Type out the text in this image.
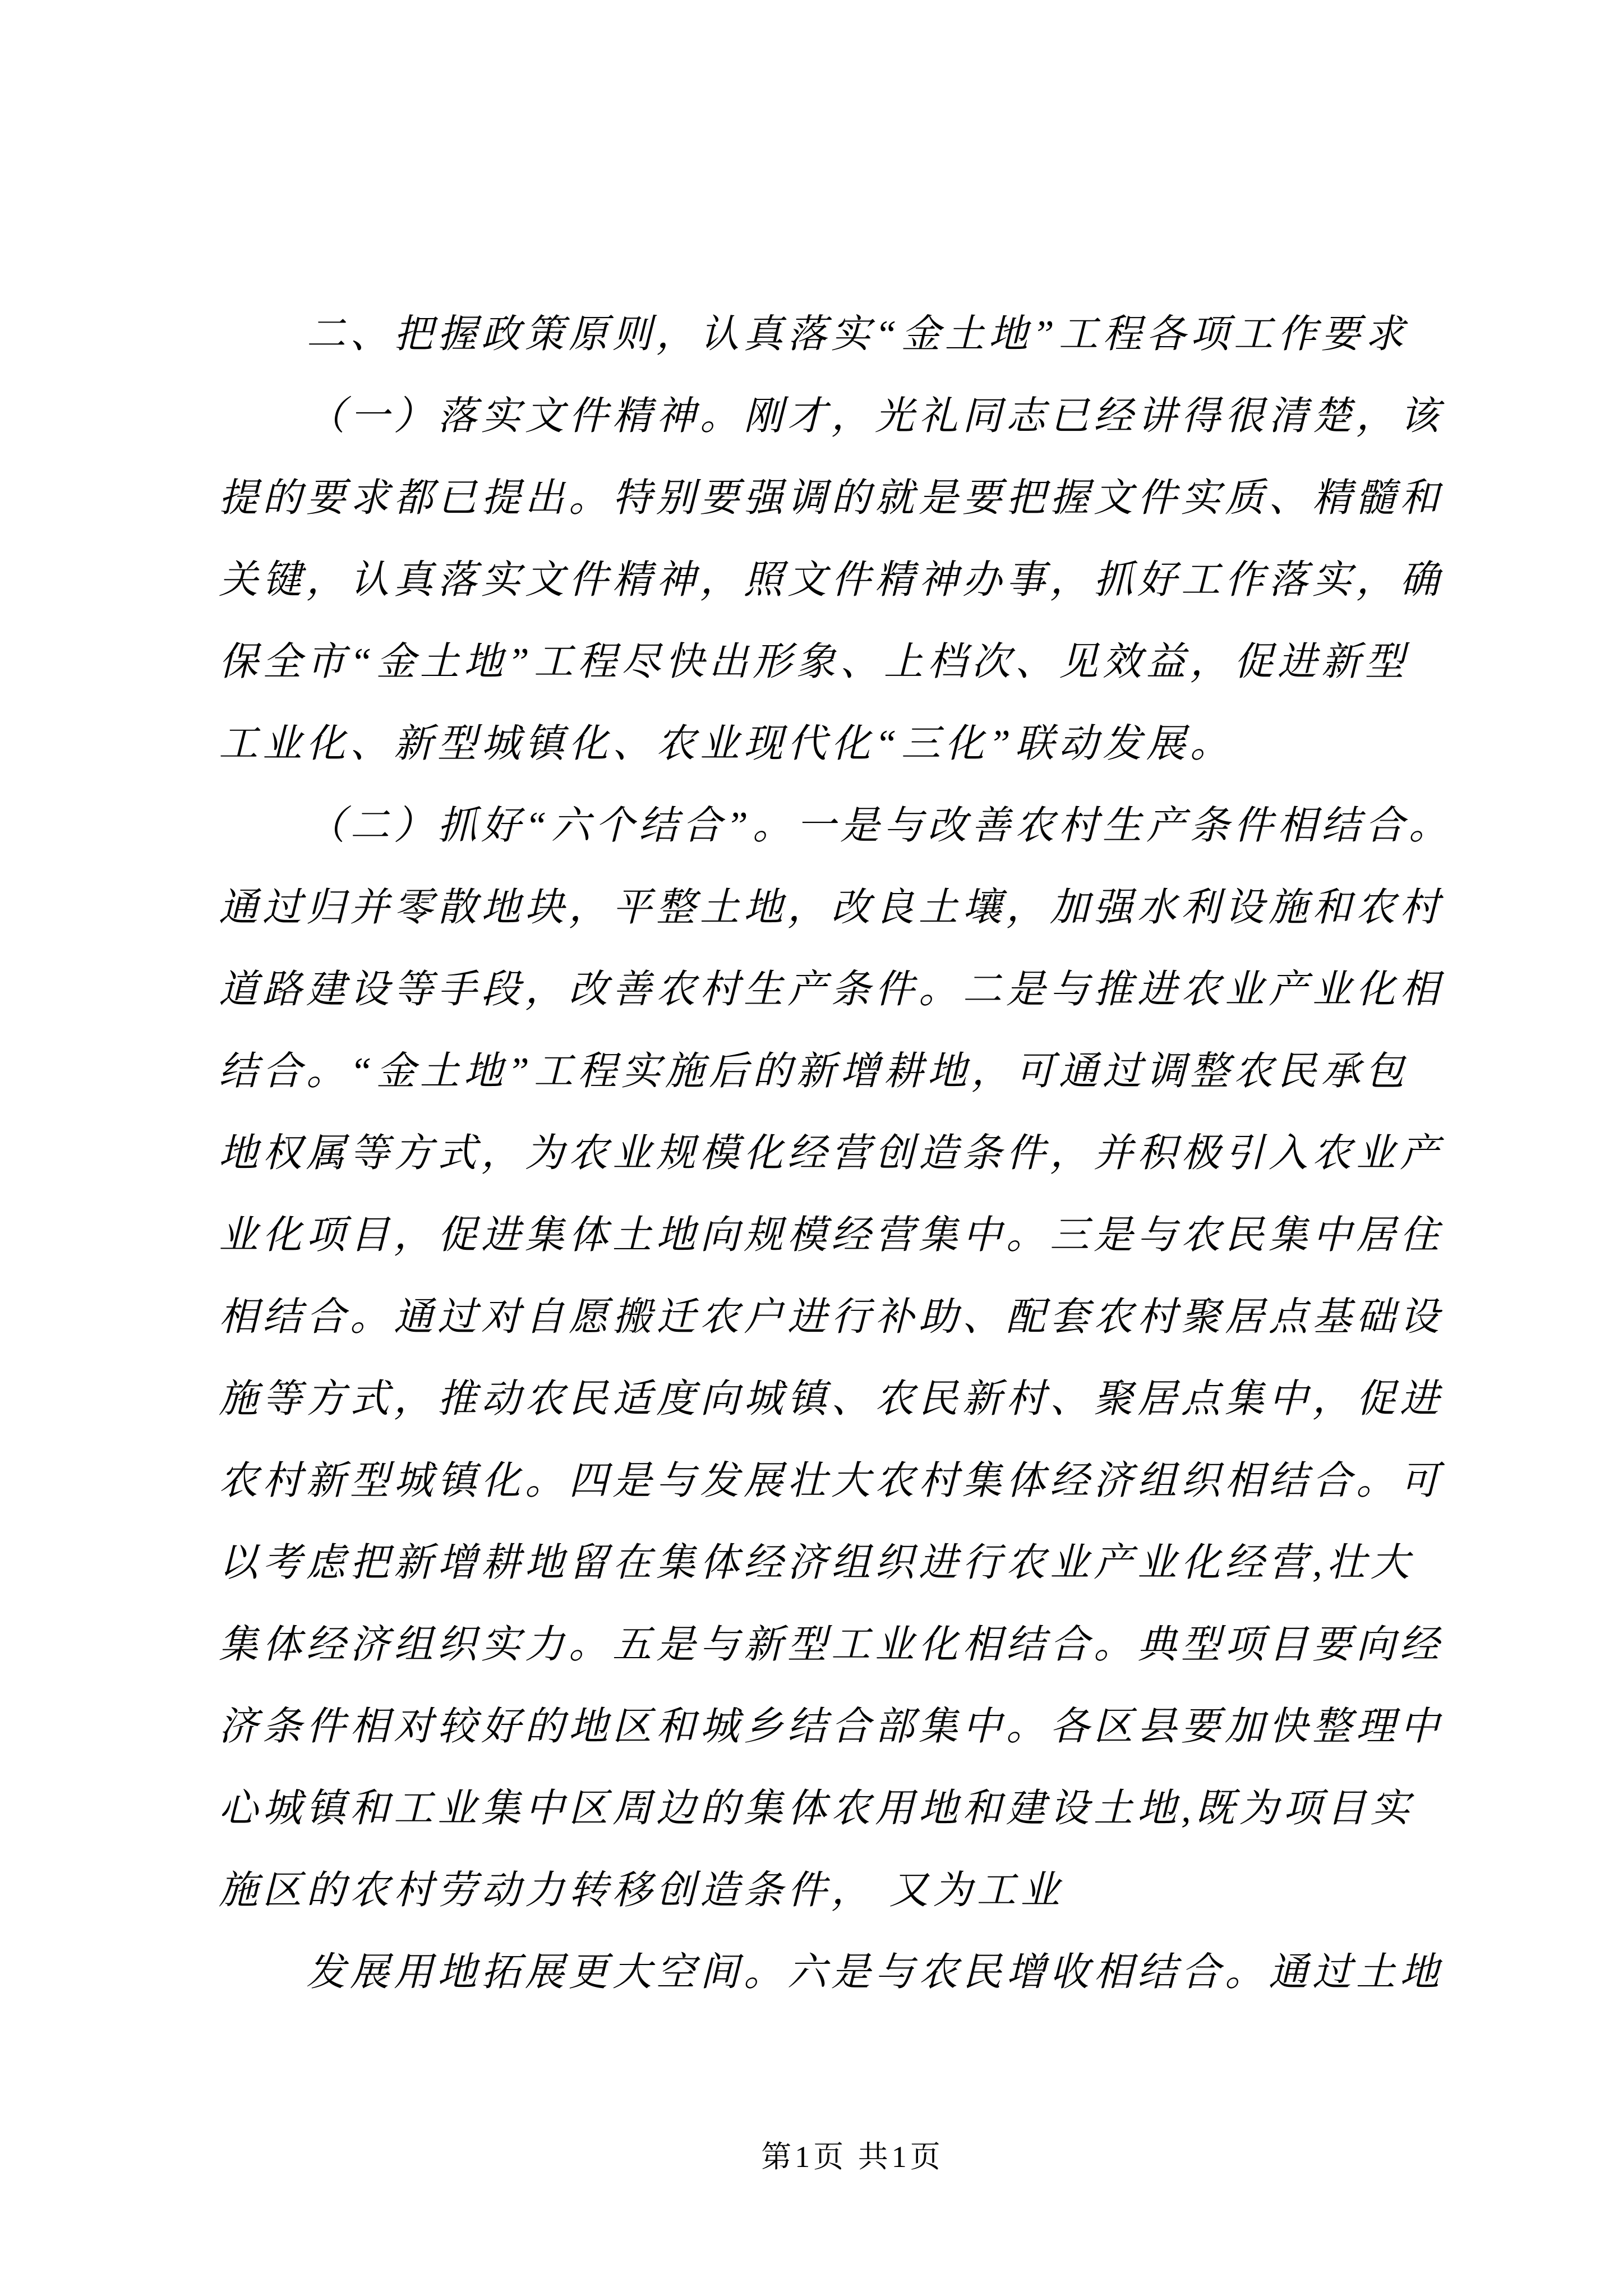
二、把握政策原则，认真落实“金土地”工程各项工作要求
（一）落实文件精神。刚才，光礼同志已经讲得很清楚，该
提的要求都已提出。特别要强调的就是要把握文件实质、精髓和
关键，认真落实文件精神，照文件精神办事，抓好工作落实，确
保全市“金土地”工程尽快出形象、上档次、见效益，促进新型
工业化、新型城镇化、农业现代化“三化”联动发展。
（二）抓好“六个结合”。一是与改善农村生产条件相结合。
通过归并零散地块，平整土地，改良土壤，加强水利设施和农村
道路建设等手段，改善农村生产条件。二是与推进农业产业化相
结合。“金土地”工程实施后的新增耕地，可通过调整农民承包
地权属等方式，为农业规模化经营创造条件，并积极引入农业产
业化项目，促进集体土地向规模经营集中。三是与农民集中居住
相结合。通过对自愿搬迁农户进行补助、配套农村聚居点基础设
施等方式，推动农民适度向城镇、农民新村、聚居点集中，促进
农村新型城镇化。四是与发展壮大农村集体经济组织相结合。可
以考虑把新增耕地留在集体经济组织进行农业产业化经营,壮大
集体经济组织实力。五是与新型工业化相结合。典型项目要向经
济条件相对较好的地区和城乡结合部集中。各区县要加快整理中
心城镇和工业集中区周边的集体农用地和建设土地,既为项目实
施区的农村劳动力转移创造条件， 又为工业
发展用地拓展更大空间。六是与农民增收相结合。通过土地
第1页 共1页
